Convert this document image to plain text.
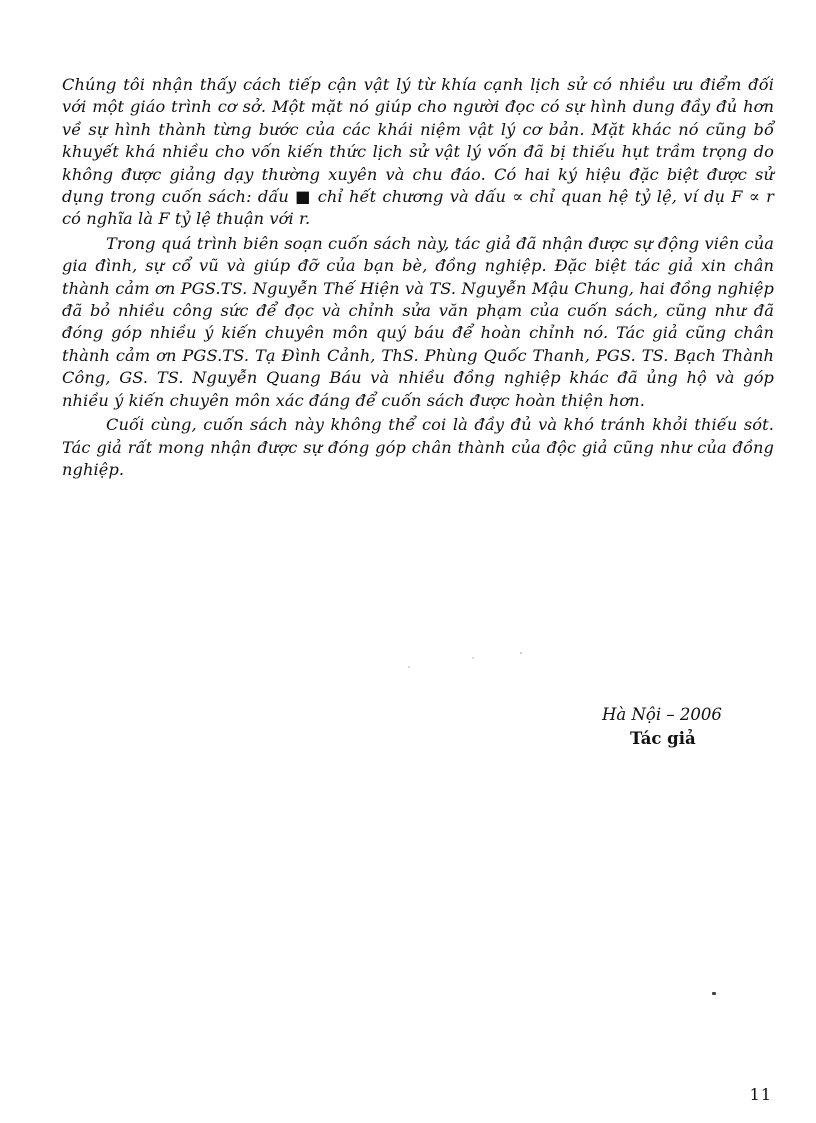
Chúng tôi nhận thấy cách tiếp cận vật lý từ khía cạnh lịch sử có nhiều ưu điểm đối với một giáo trình cơ sở. Một mặt nó giúp cho người đọc có sự hình dung đầy đủ hơn về sự hình thành từng bước của các khái niệm vật lý cơ bản. Mặt khác nó cũng bổ khuyết khá nhiều cho vốn kiến thức lịch sử vật lý vốn đã bị thiếu hụt trầm trọng do không được giảng dạy thường xuyên và chu đáo. Có hai ký hiệu đặc biệt được sử dụng trong cuốn sách: dấu ■ chỉ hết chương và dấu ∝ chỉ quan hệ tỷ lệ, ví dụ F ∝ r có nghĩa là F tỷ lệ thuận với r.

Trong quá trình biên soạn cuốn sách này, tác giả đã nhận được sự động viên của gia đình, sự cổ vũ và giúp đỡ của bạn bè, đồng nghiệp. Đặc biệt tác giả xin chân thành cảm ơn PGS.TS. Nguyễn Thế Hiện và TS. Nguyễn Mậu Chung, hai đồng nghiệp đã bỏ nhiều công sức để đọc và chỉnh sửa văn phạm của cuốn sách, cũng như đã đóng góp nhiều ý kiến chuyên môn quý báu để hoàn chỉnh nó. Tác giả cũng chân thành cảm ơn PGS.TS. Tạ Đình Cảnh, ThS. Phùng Quốc Thanh, PGS. TS. Bạch Thành Công, GS. TS. Nguyễn Quang Báu và nhiều đồng nghiệp khác đã ủng hộ và góp nhiều ý kiến chuyên môn xác đáng để cuốn sách được hoàn thiện hơn.

Cuối cùng, cuốn sách này không thể coi là đầy đủ và khó tránh khỏi thiếu sót. Tác giả rất mong nhận được sự đóng góp chân thành của độc giả cũng như của đồng nghiệp.

Hà Nội – 2006
Tác giả
11
